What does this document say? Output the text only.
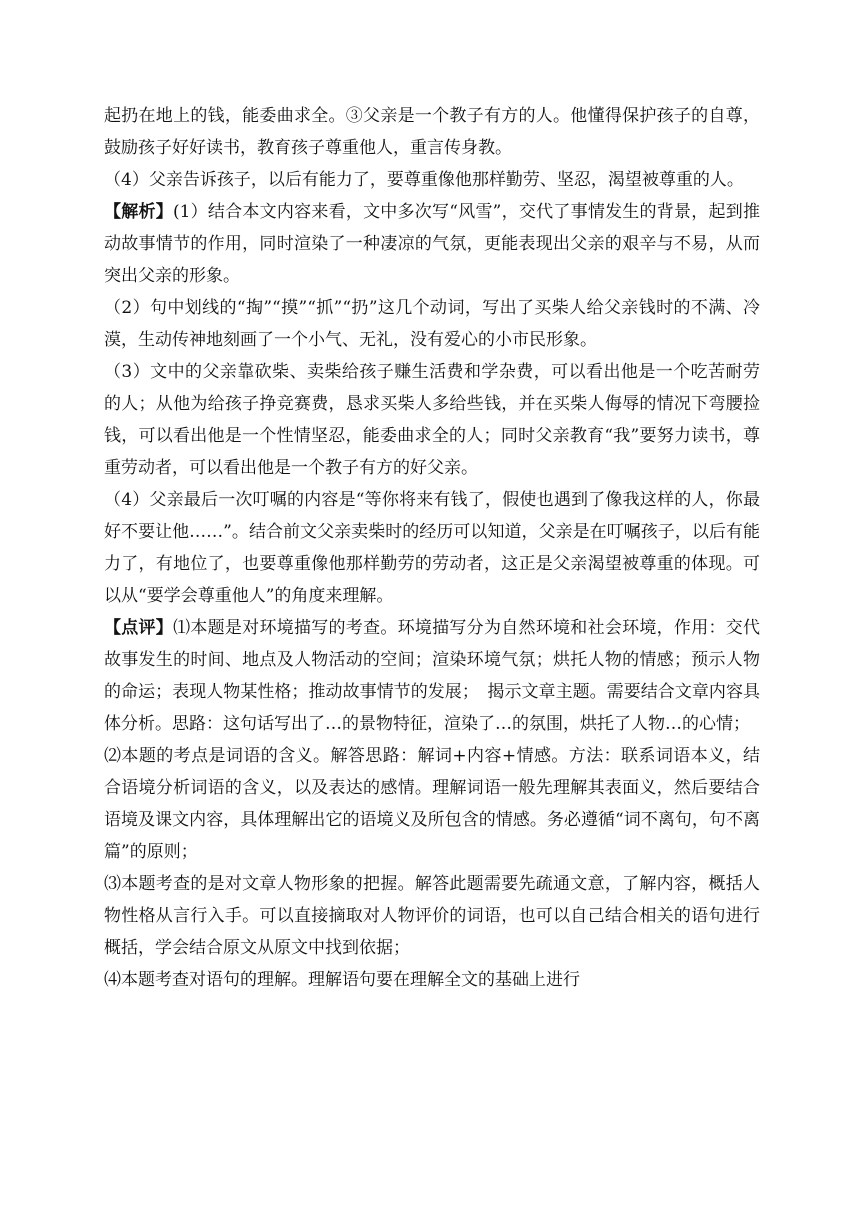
起扔在地上的钱，能委曲求全。③父亲是一个教子有方的人。他懂得保护孩子的自尊，鼓励孩子好好读书，教育孩子尊重他人，重言传身教。

（4）父亲告诉孩子，以后有能力了，要尊重像他那样勤劳、坚忍，渴望被尊重的人。

【解析】(1）结合本文内容来看，文中多次写“风雪”，交代了事情发生的背景，起到推动故事情节的作用，同时渲染了一种凄凉的气氛，更能表现出父亲的艰辛与不易，从而突出父亲的形象。

（2）句中划线的“掏”“摸”“抓”“扔”这几个动词，写出了买柴人给父亲钱时的不满、冷漠，生动传神地刻画了一个小气、无礼，没有爱心的小市民形象。

（3）文中的父亲靠砍柴、卖柴给孩子赚生活费和学杂费，可以看出他是一个吃苦耐劳的人；从他为给孩子挣竞赛费，恳求买柴人多给些钱，并在买柴人侮辱的情况下弯腰捡钱，可以看出他是一个性情坚忍，能委曲求全的人；同时父亲教育“我”要努力读书，尊重劳动者，可以看出他是一个教子有方的好父亲。

（4）父亲最后一次叮嘱的内容是“等你将来有钱了，假使也遇到了像我这样的人，你最好不要让他……”。结合前文父亲卖柴时的经历可以知道，父亲是在叮嘱孩子，以后有能力了，有地位了，也要尊重像他那样勤劳的劳动者，这正是父亲渴望被尊重的体现。可以从“要学会尊重他人”的角度来理解。

【点评】⑴本题是对环境描写的考查。环境描写分为自然环境和社会环境，作用：交代故事发生的时间、地点及人物活动的空间；渲染环境气氛；烘托人物的情感；预示人物的命运；表现人物某性格；推动故事情节的发展；　揭示文章主题。需要结合文章内容具体分析。思路：这句话写出了…的景物特征，渲染了…的氛围，烘托了人物…的心情；

⑵本题的考点是词语的含义。解答思路：解词+内容+情感。方法：联系词语本义，结合语境分析词语的含义，以及表达的感情。理解词语一般先理解其表面义，然后要结合语境及课文内容，具体理解出它的语境义及所包含的情感。务必遵循“词不离句，句不离篇”的原则；

⑶本题考查的是对文章人物形象的把握。解答此题需要先疏通文意，了解内容，概括人物性格从言行入手。可以直接摘取对人物评价的词语，也可以自己结合相关的语句进行概括，学会结合原文从原文中找到依据；

⑷本题考查对语句的理解。理解语句要在理解全文的基础上进行
